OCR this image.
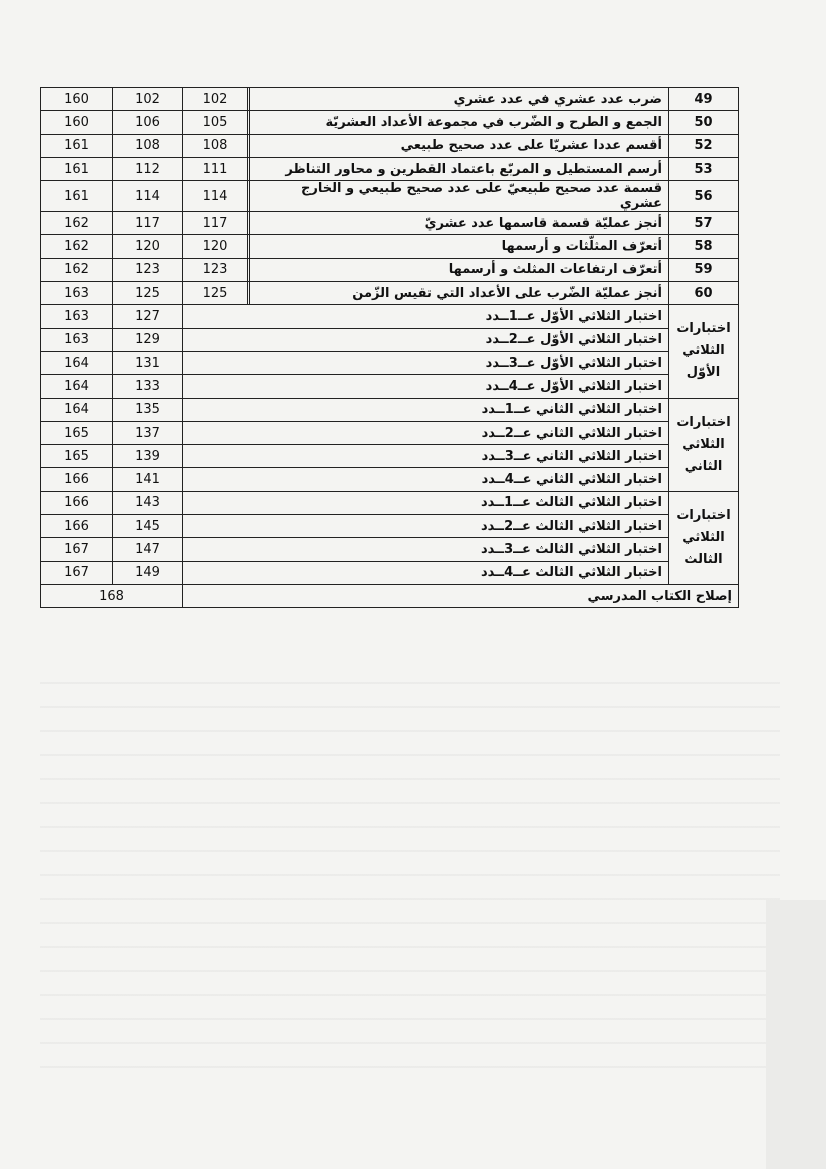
160	102	102		ضرب عدد عشري في عدد عشري	49
160	106	105		الجمع و الطرح و الضّرب في مجموعة الأعداد العشريّة	50
161	108	108		أقسم عددا عشريّا على عدد صحيح طبيعي	52
161	112	111		أرسم المستطيل و المربّع باعتماد القطرين و محاور التناظر	53
161	114	114		قسمة عدد صحيح طبيعيّ على عدد صحيح طبيعي و الخارج عشري	56
162	117	117		أنجز عمليّة قسمة قاسمها عدد عشريّ	57
162	120	120		أتعرّف المثلّثات و أرسمها	58
162	123	123		أتعرّف ارتفاعات المثلث و أرسمها	59
163	125	125		أنجز عمليّة الضّرب على الأعداد التي تقيس الزّمن	60
163	127	اختبار الثلاثي الأوّل عــ1ــدد			اختبارات
الثلاثي
الأوّل

163	129	اختبار الثلاثي الأوّل عــ2ــدد			
164	131	اختبار الثلاثي الأوّل عــ3ــدد			
164	133	اختبار الثلاثي الأوّل عــ4ــدد			
164	135	اختبار الثلاثي الثاني عــ1ــدد			اختبارات
الثلاثي
الثاني

165	137	اختبار الثلاثي الثاني عــ2ــدد			
165	139	اختبار الثلاثي الثاني عــ3ــدد			
166	141	اختبار الثلاثي الثاني عــ4ــدد			
166	143	اختبار الثلاثي الثالث عــ1ــدد			اختبارات
الثلاثي
الثالث

166	145	اختبار الثلاثي الثالث عــ2ــدد			
167	147	اختبار الثلاثي الثالث عــ3ــدد			
167	149	اختبار الثلاثي الثالث عــ4ــدد			
168		إصلاح الكتاب المدرسي			
